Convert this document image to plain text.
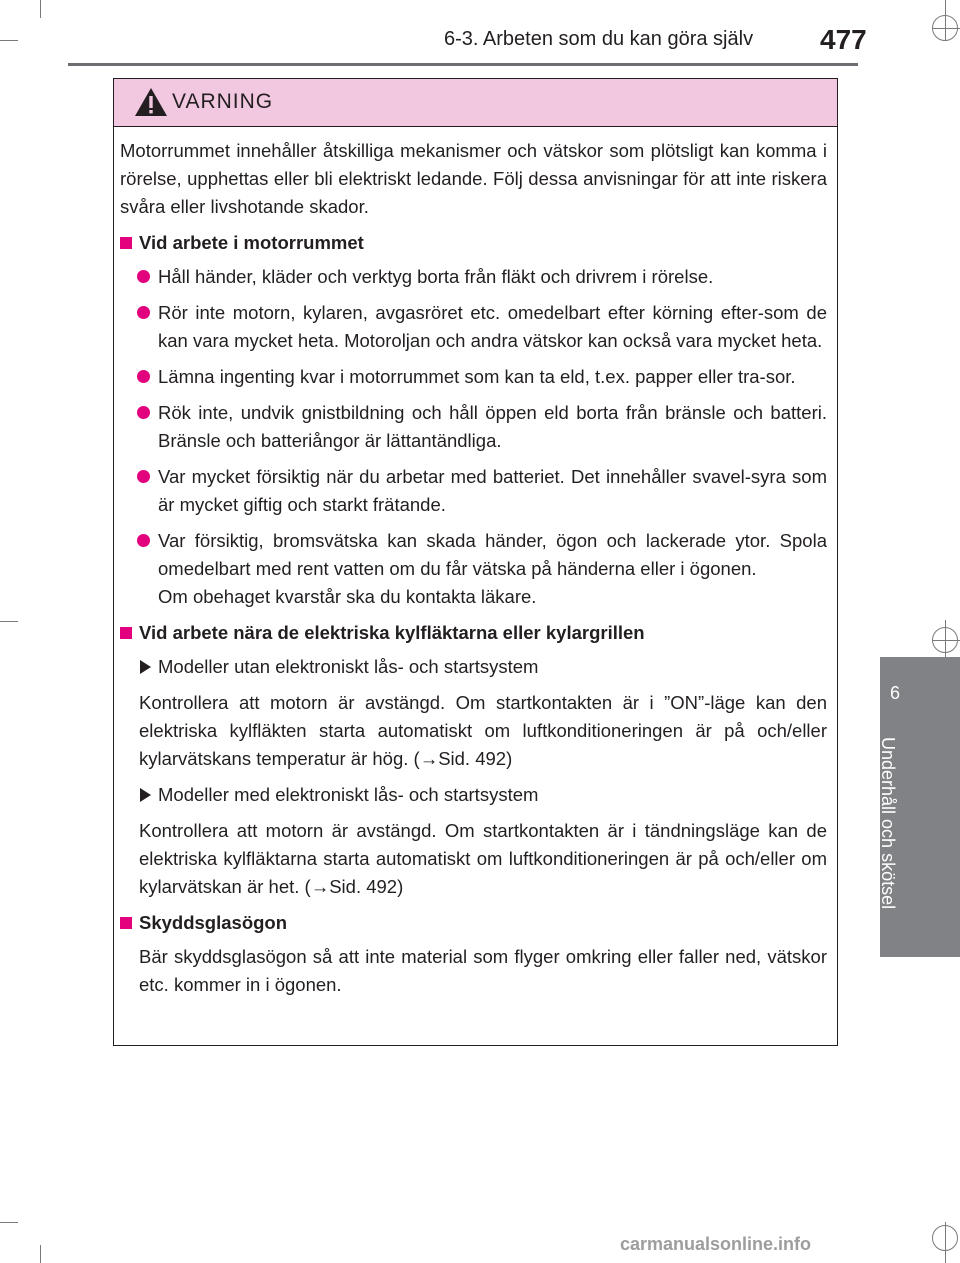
6-3. Arbeten som du kan göra själv 477
6
Underhåll och skötsel
VARNING

Motorrummet innehåller åtskilliga mekanismer och vätskor som plötsligt kan komma i rörelse, upphettas eller bli elektriskt ledande. Följ dessa anvisningar för att inte riskera svåra eller livshotande skador.

Vid arbete i motorrummet
Håll händer, kläder och verktyg borta från fläkt och drivrem i rörelse.
Rör inte motorn, kylaren, avgasröret etc. omedelbart efter körning efter-som de kan vara mycket heta. Motoroljan och andra vätskor kan också vara mycket heta.
Lämna ingenting kvar i motorrummet som kan ta eld, t.ex. papper eller tra-sor.
Rök inte, undvik gnistbildning och håll öppen eld borta från bränsle och batteri. Bränsle och batteriångor är lättantändliga.
Var mycket försiktig när du arbetar med batteriet. Det innehåller svavel-syra som är mycket giftig och starkt frätande.
Var försiktig, bromsvätska kan skada händer, ögon och lackerade ytor. Spola omedelbart med rent vatten om du får vätska på händerna eller i ögonen.
Om obehaget kvarstår ska du kontakta läkare.
Vid arbete nära de elektriska kylfläktarna eller kylargrillen
Modeller utan elektroniskt lås- och startsystem

Kontrollera att motorn är avstängd. Om startkontakten är i ”ON”-läge kan den elektriska kylfläkten starta automatiskt om luftkonditioneringen är på och/eller kylarvätskans temperatur är hög. (→Sid. 492)

Modeller med elektroniskt lås- och startsystem

Kontrollera att motorn är avstängd. Om startkontakten är i tändningsläge kan de elektriska kylfläktarna starta automatiskt om luftkonditioneringen är på och/eller om kylarvätskan är het. (→Sid. 492)

Skyddsglasögon

Bär skyddsglasögon så att inte material som flyger omkring eller faller ned, vätskor etc. kommer in i ögonen.

carmanualsonline.info
